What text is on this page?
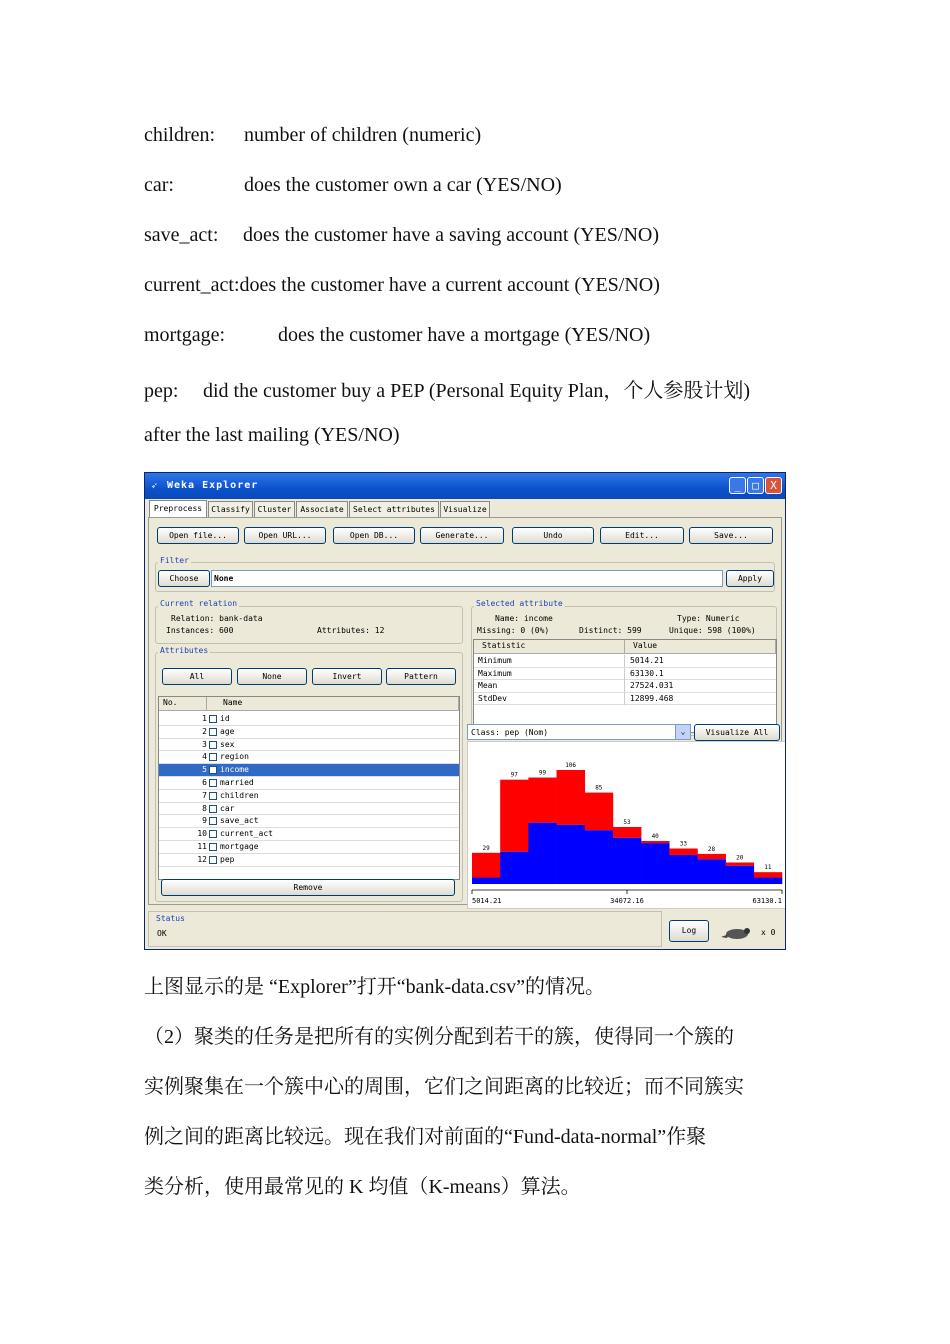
children: number of children (numeric)
car:	does the customer own a car (YES/NO)
save_act: does the customer have a saving account (YES/NO)
current_act:does the customer have a current account (YES/NO)
mortgage:	does the customer have a mortgage (YES/NO)
pep: did the customer buy a PEP (Personal Equity Plan，个人参股计划)
after the last mailing (YES/NO)
➶ Weka Explorer	_	□	X
Preprocess	Classify Cluster	Associate	Select attributes	Visualize
Open file...	Open URL...	Open DB...	Generate...	Undo	Edit...	Save...
Filter
Choose	None	Apply
Current relation
Relation: bank-data
Instances: 600	Attributes: 12
Attributes
All	None	Invert	Pattern
No.	Name
1 id
2 age
3 sex
4 region
5 income
6 married
7 children
8 car
9 save_act
10 current_act
11 mortgage
12 pep
Remove
Selected attribute
Name: income	Type: Numeric
Missing: 0 (0%)	Distinct: 599	Unique: 598 (100%)
Statistic	Value
Minimum	5014.21
Maximum	63130.1
Mean	27524.031
StdDev	12899.468
Class: pep (Nom)	⌄	Visualize All
29
97	99
106
85
53
40
33
28
20
11
5014.21	34072.16	63130.1
Status
OK	Log	x 0
上图显示的是 “Explorer”打开“bank-data.csv”的情况。
（2）聚类的任务是把所有的实例分配到若干的簇，使得同一个簇的
实例聚集在一个簇中心的周围，它们之间距离的比较近；而不同簇实
例之间的距离比较远。现在我们对前面的“Fund-data-normal”作聚
类分析，使用最常见的 K 均值（K-means）算法。
